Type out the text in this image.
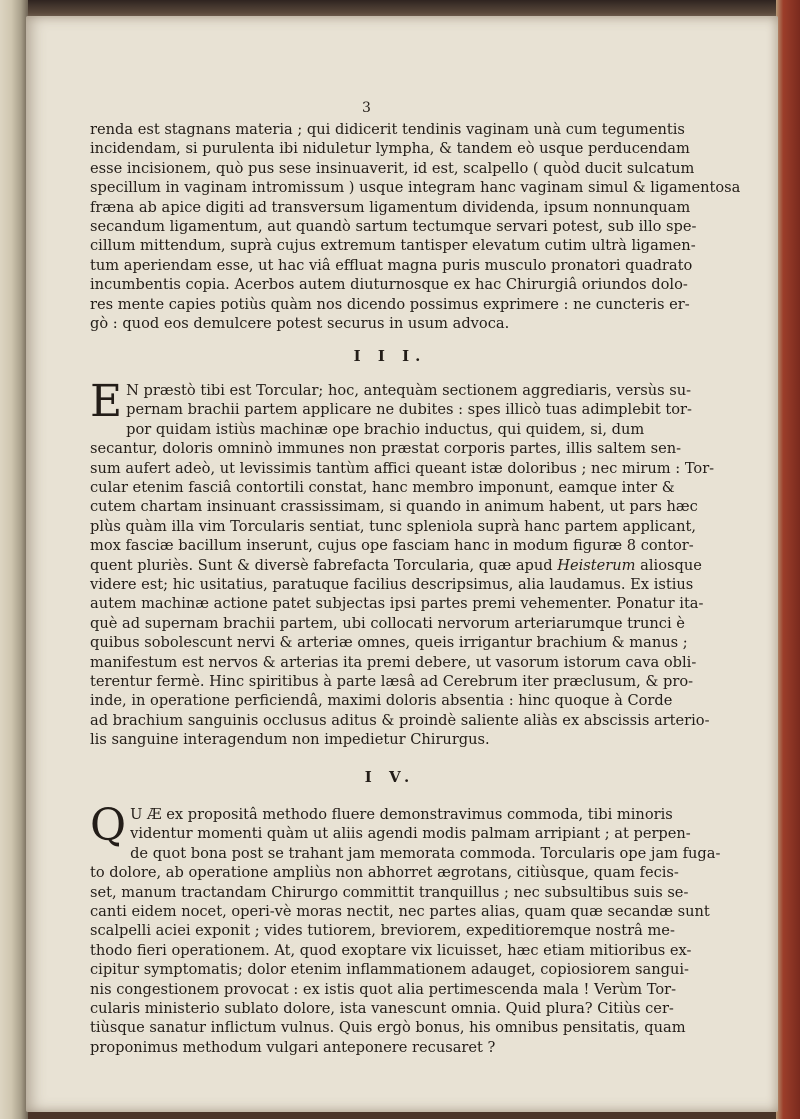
3
renda est stagnans materia ; qui didicerit tendinis vaginam unà cum tegumentis
incidendam, si purulenta ibi niduletur lympha, & tandem eò usque perducendam
esse incisionem, quò pus sese insinuaverit, id est, scalpello ( quòd ducit sulcatum
specillum in vaginam intromissum ) usque integram hanc vaginam simul & ligamentosa
fræna ab apice digiti ad transversum ligamentum dividenda, ipsum nonnunquam
secandum ligamentum, aut quandò sartum tectumque servari potest, sub illo spe-
cillum mittendum, suprà cujus extremum tantisper elevatum cutim ultrà ligamen-
tum aperiendam esse, ut hac viâ effluat magna puris musculo pronatori quadrato
incumbentis copia. Acerbos autem diuturnosque ex hac Chirurgiâ oriundos dolo-
res mente capies potiùs quàm nos dicendo possimus exprimere : ne cuncteris er-
gò : quod eos demulcere potest securus in usum advoca.
I I I.
E N præstò tibi est Torcular; hoc, antequàm sectionem aggrediaris, versùs su-
pernam brachii partem applicare ne dubites : spes illicò tuas adimplebit tor-
por quidam istiùs machinæ ope brachio inductus, qui quidem, si, dum
secantur, doloris omninò immunes non præstat corporis partes, illis saltem sen-
sum aufert adeò, ut levissimis tantùm affici queant istæ doloribus ; nec mirum : Tor-
cular etenim fasciâ contortili constat, hanc membro imponunt, eamque inter &
cutem chartam insinuant crassissimam, si quando in animum habent, ut pars hæc
plùs quàm illa vim Torcularis sentiat, tunc spleniola suprà hanc partem applicant,
mox fasciæ bacillum inserunt, cujus ope fasciam hanc in modum figuræ 8 contor-
quent pluriès. Sunt & diversè fabrefacta Torcularia, quæ apud Heisterum aliosque
videre est; hic usitatius, paratuque facilius descripsimus, alia laudamus. Ex istius
autem machinæ actione patet subjectas ipsi partes premi vehementer. Ponatur ita-
què ad supernam brachii partem, ubi collocati nervorum arteriarumque trunci è
quibus sobolescunt nervi & arteriæ omnes, queis irrigantur brachium & manus ;
manifestum est nervos & arterias ita premi debere, ut vasorum istorum cava obli-
terentur fermè. Hinc spiritibus à parte læsâ ad Cerebrum iter præclusum, & pro-
inde, in operatione perficiendâ, maximi doloris absentia : hinc quoque à Corde
ad brachium sanguinis occlusus aditus & proindè saliente aliàs ex abscissis arterio-
lis sanguine interagendum non impedietur Chirurgus.
I V.
Q U Æ ex propositâ methodo fluere demonstravimus commoda, tibi minoris
videntur momenti quàm ut aliis agendi modis palmam arripiant ; at perpen-
de quot bona post se trahant jam memorata commoda. Torcularis ope jam fuga-
to dolore, ab operatione ampliùs non abhorret ægrotans, citiùsque, quam fecis-
set, manum tractandam Chirurgo committit tranquillus ; nec subsultibus suis se-
canti eidem nocet, operi-vè moras nectit, nec partes alias, quam quæ secandæ sunt
scalpelli aciei exponit ; vides tutiorem, breviorem, expeditioremque nostrâ me-
thodo fieri operationem. At, quod exoptare vix licuisset, hæc etiam mitioribus ex-
cipitur symptomatis; dolor etenim inflammationem adauget, copiosiorem sangui-
nis congestionem provocat : ex istis quot alia pertimescenda mala ! Verùm Tor-
cularis ministerio sublato dolore, ista vanescunt omnia. Quid plura? Citiùs cer-
tiùsque sanatur inflictum vulnus. Quis ergò bonus, his omnibus pensitatis, quam
proponimus methodum vulgari anteponere recusaret ?
